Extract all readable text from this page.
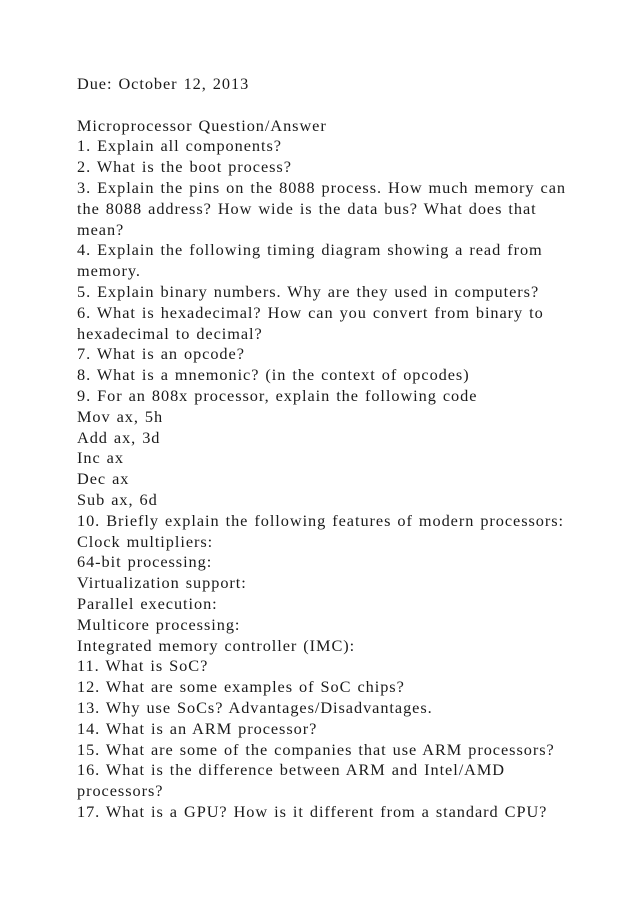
Due: October 12, 2013
Microprocessor Question/Answer
1. Explain all components?
2. What is the boot process?
3. Explain the pins on the 8088 process. How much memory can
the 8088 address? How wide is the data bus? What does that
mean?
4. Explain the following timing diagram showing a read from
memory.
5. Explain binary numbers. Why are they used in computers?
6. What is hexadecimal? How can you convert from binary to
hexadecimal to decimal?
7. What is an opcode?
8. What is a mnemonic? (in the context of opcodes)
9. For an 808x processor, explain the following code
Mov ax, 5h
Add ax, 3d
Inc ax
Dec ax
Sub ax, 6d
10. Briefly explain the following features of modern processors:
Clock multipliers:
64-bit processing:
Virtualization support:
Parallel execution:
Multicore processing:
Integrated memory controller (IMC):
11. What is SoC?
12. What are some examples of SoC chips?
13. Why use SoCs? Advantages/Disadvantages.
14. What is an ARM processor?
15. What are some of the companies that use ARM processors?
16. What is the difference between ARM and Intel/AMD
processors?
17. What is a GPU? How is it different from a standard CPU?
